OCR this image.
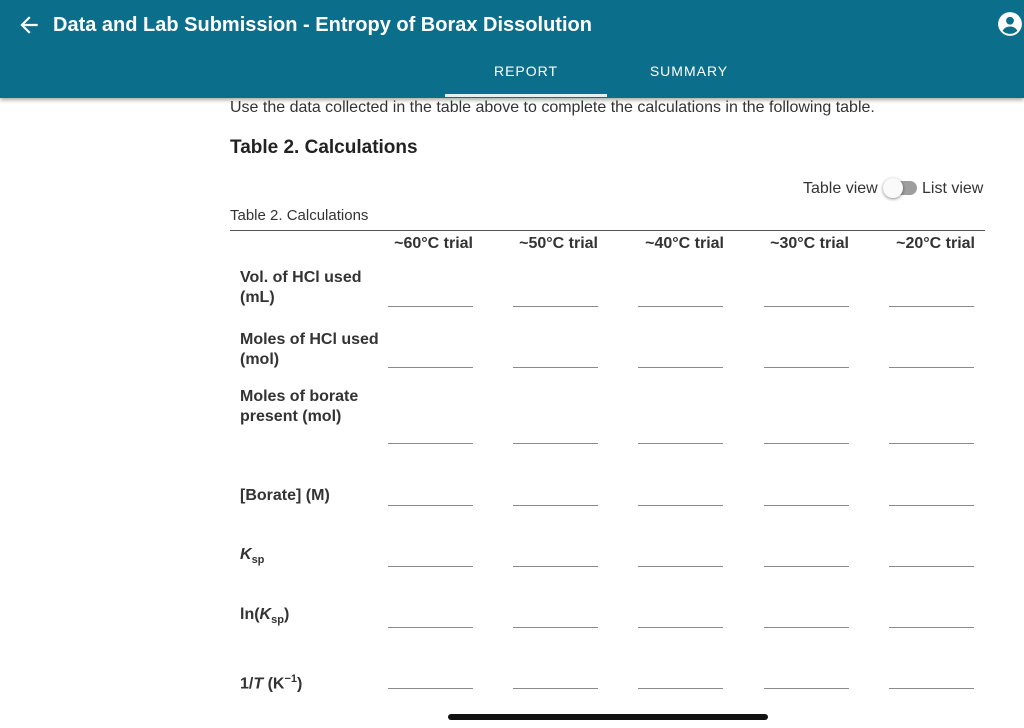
Data and Lab Submission - Entropy of Borax Dissolution
REPORT	SUMMARY
Use the data collected in the table above to complete the calculations in the following table.
Table 2. Calculations
Table view	List view
Table 2. Calculations
~60°C trial	~50°C trial	~40°C trial	~30°C trial	~20°C trial
Vol. of HCl used (mL)
Moles of HCl used (mol)
Moles of borate present (mol)
[Borate] (M)
$K_{sp}$
$\ln(K_{sp})$
1/T $(K^{-1})$
